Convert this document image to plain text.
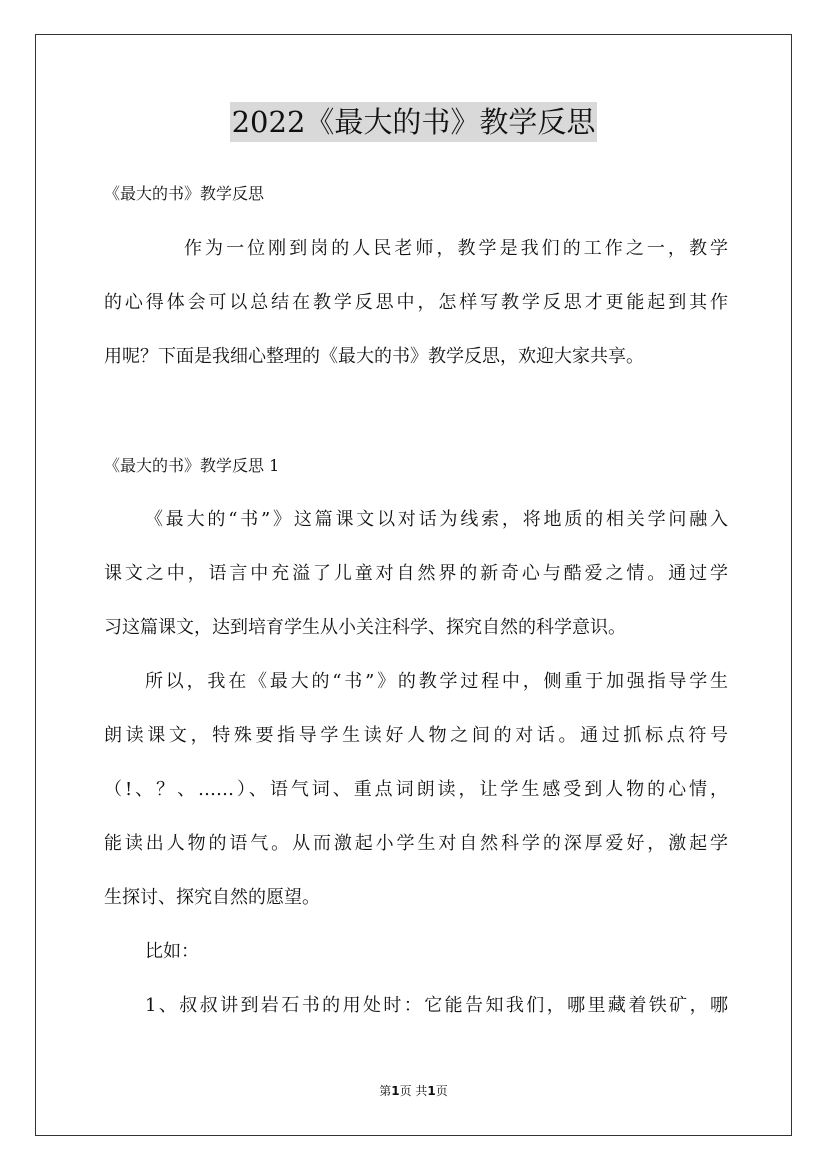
2022《最大的书》教学反思
《最大的书》教学反思
作为一位刚到岗的人民老师，教学是我们的工作之一，教学
的心得体会可以总结在教学反思中，怎样写教学反思才更能起到其作
用呢？下面是我细心整理的《最大的书》教学反思，欢迎大家共享。
《最大的书》教学反思 1
《最大的“书”》这篇课文以对话为线索，将地质的相关学问融入
课文之中，语言中充溢了儿童对自然界的新奇心与酷爱之情。通过学
习这篇课文，达到培育学生从小关注科学、探究自然的科学意识。
所以，我在《最大的“书”》的教学过程中，侧重于加强指导学生
朗读课文，特殊要指导学生读好人物之间的对话。通过抓标点符号
（!、？、……）、语气词、重点词朗读，让学生感受到人物的心情，
能读出人物的语气。从而激起小学生对自然科学的深厚爱好，激起学
生探讨、探究自然的愿望。
比如：
1、叔叔讲到岩石书的用处时：它能告知我们，哪里藏着铁矿，哪
第1页 共1页
